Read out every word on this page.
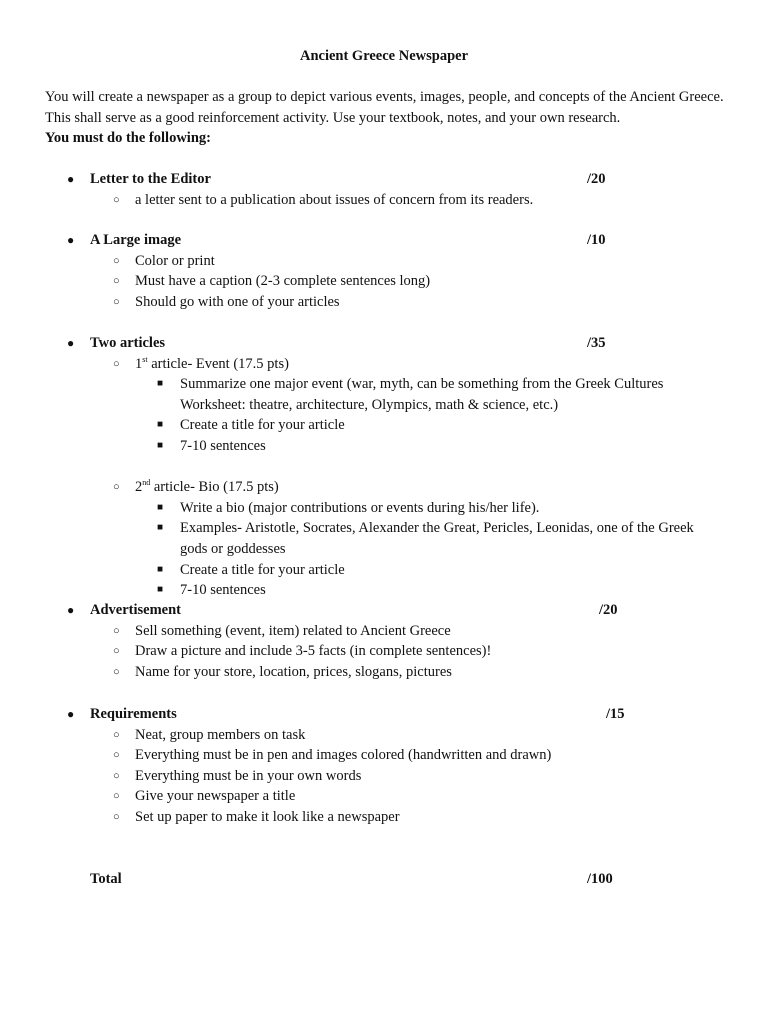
Ancient Greece Newspaper
You will create a newspaper as a group to depict various events, images, people, and concepts of the Ancient Greece. This shall serve as a good reinforcement activity. Use your textbook, notes, and your own research.
You must do the following:
● Letter to the Editor	/20
○ a letter sent to a publication about issues of concern from its readers.
● A Large image	/10
○ Color or print
○ Must have a caption (2-3 complete sentences long)
○ Should go with one of your articles
● Two articles	/35
○ 1st article- Event (17.5 pts)
■ Summarize one major event (war, myth, can be something from the Greek Cultures Worksheet: theatre, architecture, Olympics, math & science, etc.)
■ Create a title for your article
■ 7-10 sentences
○ 2nd article- Bio (17.5 pts)
■ Write a bio (major contributions or events during his/her life).
■ Examples- Aristotle, Socrates, Alexander the Great, Pericles, Leonidas, one of the Greek gods or goddesses
■ Create a title for your article
■ 7-10 sentences
● Advertisement	/20
○ Sell something (event, item) related to Ancient Greece
○ Draw a picture and include 3-5 facts (in complete sentences)!
○ Name for your store, location, prices, slogans, pictures
● Requirements	/15
○ Neat, group members on task
○ Everything must be in pen and images colored (handwritten and drawn)
○ Everything must be in your own words
○ Give your newspaper a title
○ Set up paper to make it look like a newspaper
Total	/100
